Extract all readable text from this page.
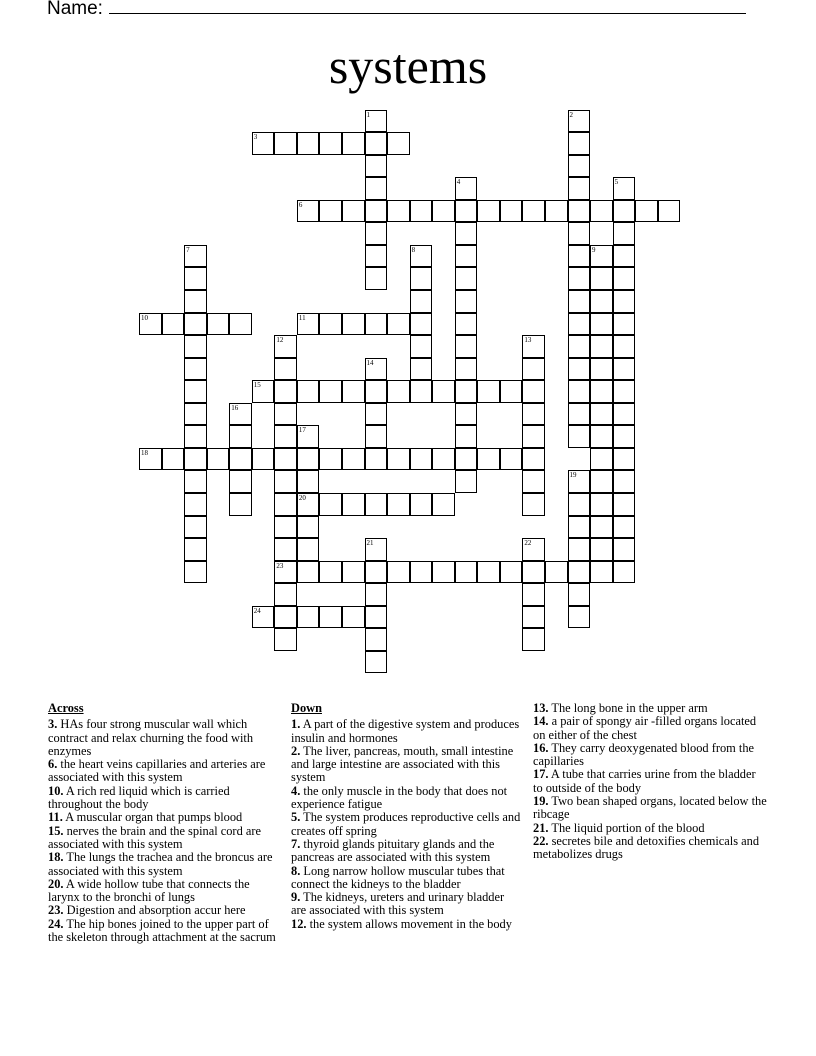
Name:
systems
1	2
3
4	5
6
7	8	9
10	11
12	13
14
15
16
17
18
19
20
21	22
23
24
Across
3. HAs four strong muscular wall which contract and relax churning the food with enzymes
6. the heart veins capillaries and arteries are associated with this system
10. A rich red liquid which is carried throughout the body
11. A muscular organ that pumps blood
15. nerves the brain and the spinal cord are associated with this system
18. The lungs the trachea and the broncus are associated with this system
20. A wide hollow tube that connects the larynx to the bronchi of lungs
23. Digestion and absorption accur here
24. The hip bones joined to the upper part of the skeleton through attachment at the sacrum
Down
1. A part of the digestive system and produces insulin and hormones
2. The liver, pancreas, mouth, small intestine and large intestine are associated with this system
4. the only muscle in the body that does not experience fatigue
5. The system produces reproductive cells and creates off spring
7. thyroid glands pituitary glands and the pancreas are associated with this system
8. Long narrow hollow muscular tubes that connect the kidneys to the bladder
9. The kidneys, ureters and urinary bladder are associated with this system
12. the system allows movement in the body
13. The long bone in the upper arm
14. a pair of spongy air -filled organs located on either of the chest
16. They carry deoxygenated blood from the capillaries
17. A tube that carries urine from the bladder to outside of the body
19. Two bean shaped organs, located below the ribcage
21. The liquid portion of the blood
22. secretes bile and detoxifies chemicals and metabolizes drugs
